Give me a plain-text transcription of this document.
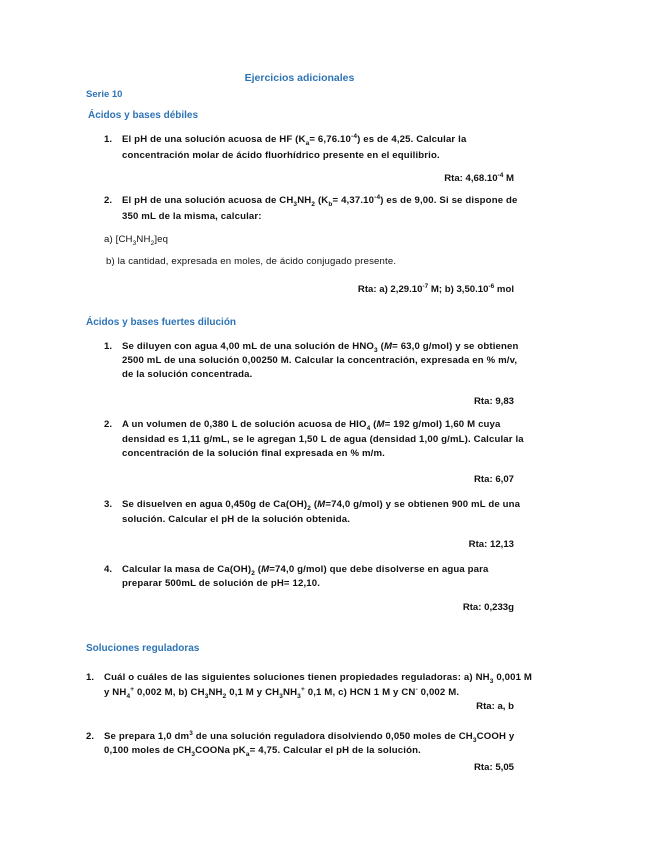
Ejercicios adicionales
Serie 10
Ácidos y bases débiles
1. El pH de una solución acuosa de HF $(K_a= 6,76.10^{-4})$ es de 4,25. Calcular la
concentración molar de ácido fluorhídrico presente en el equilibrio.
Rta: $4,68.10^{-4}$ M
2. El pH de una solución acuosa de $CH_3NH_2$ $(K_b= 4,37.10^{-4})$ es de 9,00. Si se dispone de
350 mL de la misma, calcular:
a) $[CH_3NH_2]eq$
b) la cantidad, expresada en moles, de ácido conjugado presente.
Rta: a) $2,29.10^{-7}$ M; b) $3,50.10^{-6}$ mol
Ácidos y bases fuertes dilución
1. Se diluyen con agua 4,00 mL de una solución de $HNO_3$ (M= 63,0 g/mol) y se obtienen
2500 mL de una solución 0,00250 M. Calcular la concentración, expresada en % m/v,
de la solución concentrada.
Rta: 9,83
2. A un volumen de 0,380 L de solución acuosa de $HIO_4$ (M= 192 g/mol) 1,60 M cuya
densidad es 1,11 g/mL, se le agregan 1,50 L de agua (densidad 1,00 g/mL). Calcular la
concentración de la solución final expresada en % m/m.
Rta: 6,07
3. Se disuelven en agua 0,450g de $Ca(OH)_2$ (M=74,0 g/mol) y se obtienen 900 mL de una
solución. Calcular el pH de la solución obtenida.
Rta: 12,13
4. Calcular la masa de $Ca(OH)_2$ (M=74,0 g/mol) que debe disolverse en agua para
preparar 500mL de solución de pH= 12,10.
Rta: 0,233g
Soluciones reguladoras
1. Cuál o cuáles de las siguientes soluciones tienen propiedades reguladoras: a) $NH_3$ 0,001 M
y $NH_4^+$ 0,002 M, b) $CH_3NH_2$ 0,1 M y $CH_3NH_3^+$ 0,1 M, c) HCN 1 M y CN- 0,002 M.
Rta: a, b
2. Se prepara 1,0 $dm^3$ de una solución reguladora disolviendo 0,050 moles de $CH_3COOH$ y
0,100 moles de $CH_3COONa$ $pK_a= 4,75$. Calcular el pH de la solución.
Rta: 5,05
